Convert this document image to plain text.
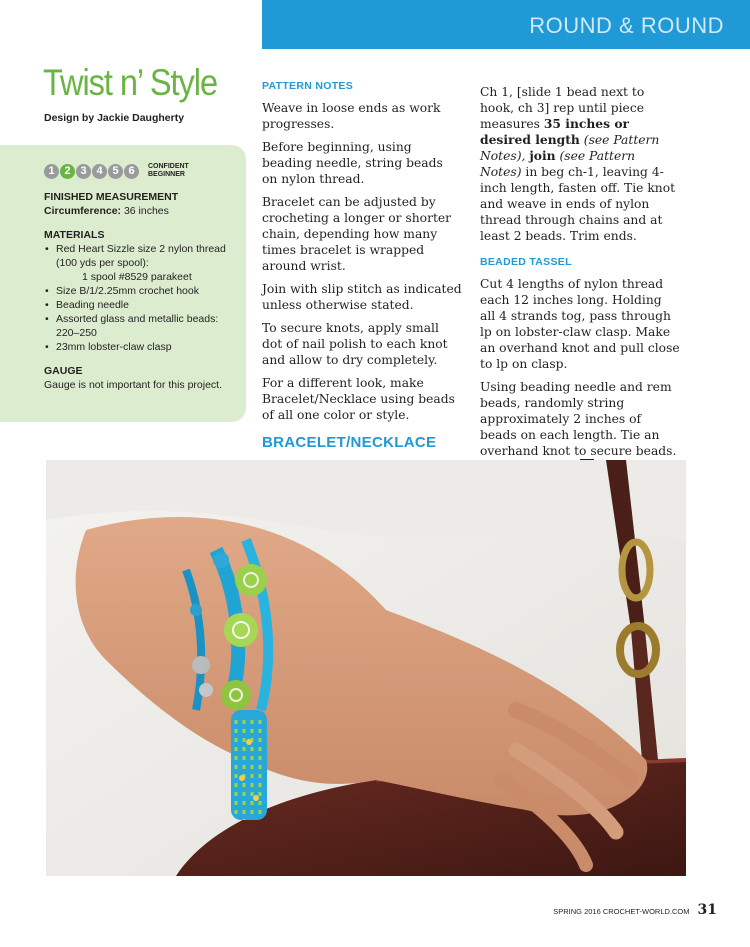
ROUND & ROUND
Twist n’ Style
Design by Jackie Daugherty
1 2 3 4 5 6	CONFIDENT BEGINNER

FINISHED MEASUREMENT

Circumference: 36 inches

MATERIALS

• Red Heart Sizzle size 2 nylon thread (100 yds per spool):
1 spool #8529 parakeet
• Size B/1/2.25mm crochet hook
• Beading needle
• Assorted glass and metallic beads: 220–250
• 23mm lobster-claw clasp

GAUGE

Gauge is not important for this project.

PATTERN NOTES

Weave in loose ends as work progresses.

Before beginning, using beading needle, string beads on nylon thread.

Bracelet can be adjusted by crocheting a longer or shorter chain, depending how many times bracelet is wrapped around wrist.

Join with slip stitch as indicated unless otherwise stated.

To secure knots, apply small dot of nail polish to each knot and allow to dry completely.

For a different look, make Bracelet/Necklace using beads of all one color or style.

BRACELET/NECKLACE

Ch 1, [slide 1 bead next to hook, ch 3] rep until piece measures 35 inches or desired length (see Pattern Notes), join (see Pattern Notes) in beg ch-1, leaving 4-inch length, fasten off. Tie knot and weave in ends of nylon thread through chains and at least 2 beads. Trim ends.

BEADED TASSEL

Cut 4 lengths of nylon thread each 12 inches long. Holding all 4 strands tog, pass through lp on lobster-claw clasp. Make an overhand knot and pull close to lp on clasp.

Using beading needle and rem beads, randomly string approximately 2 inches of beads on each length. Tie an overhand knot to secure beads.

SPRING 2016 CROCHET-WORLD.COM 31
